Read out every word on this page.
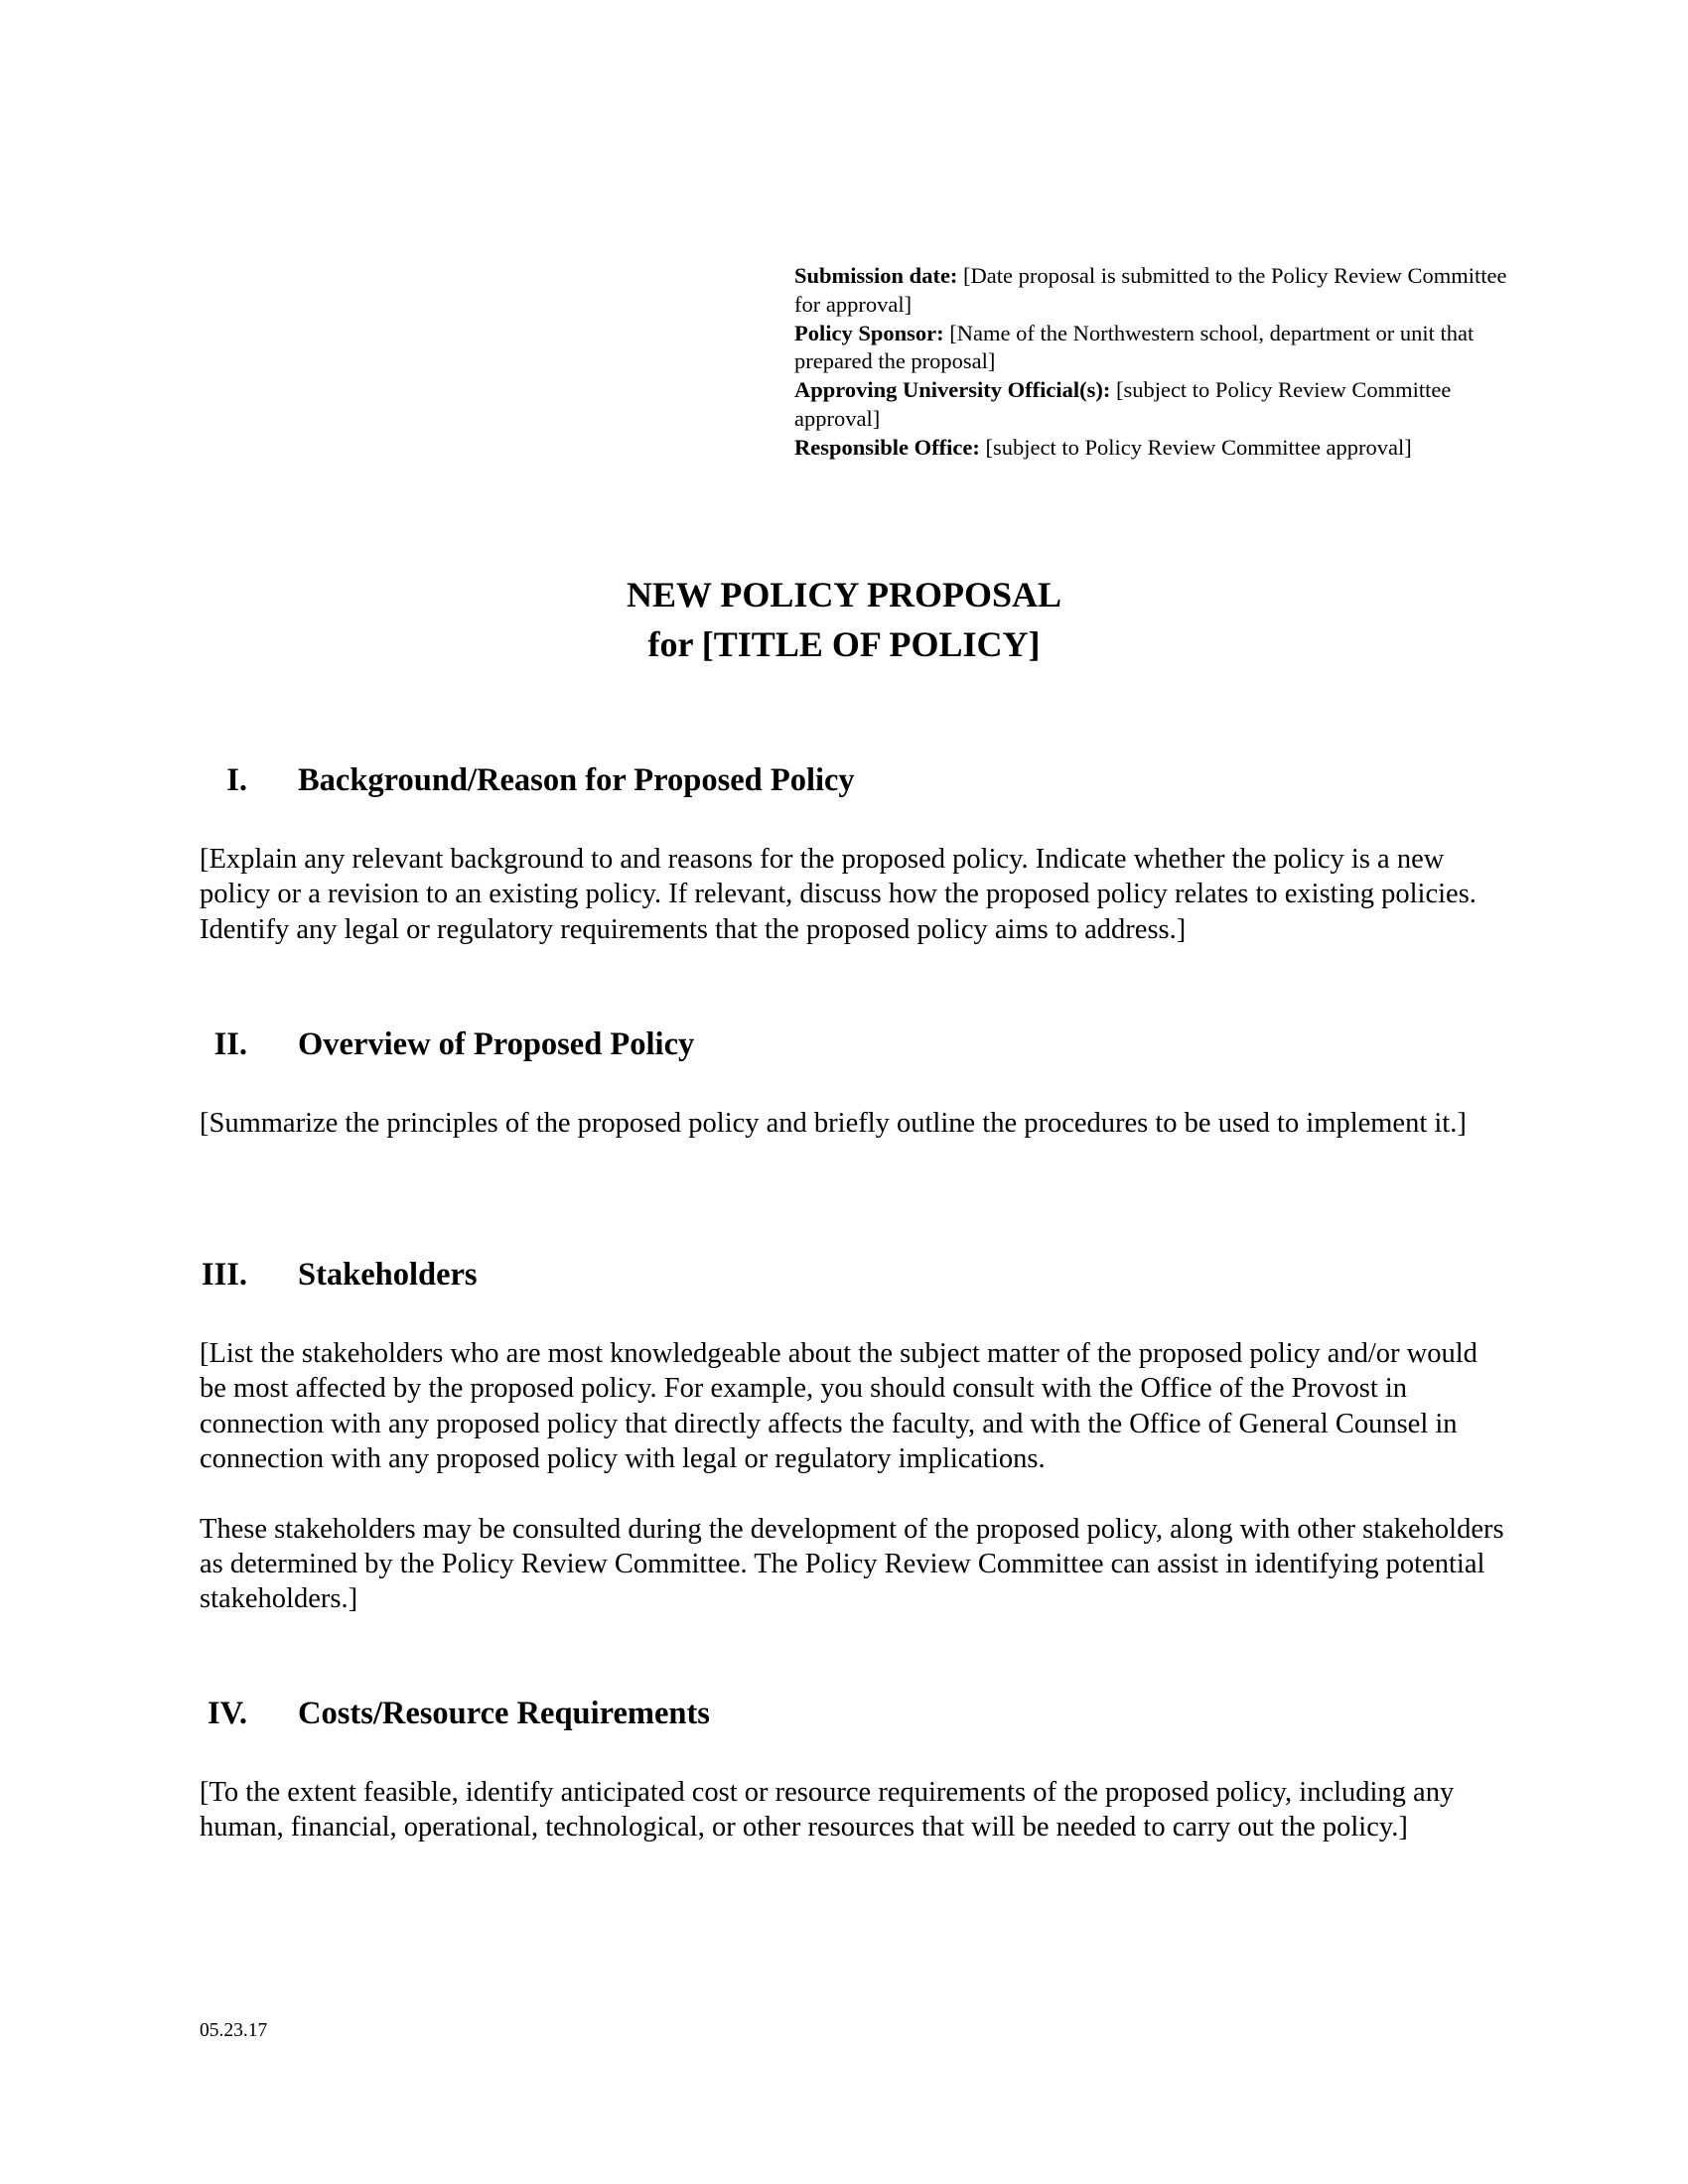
Submission date: [Date proposal is submitted to the Policy Review Committee for approval]
Policy Sponsor: [Name of the Northwestern school, department or unit that prepared the proposal]
Approving University Official(s): [subject to Policy Review Committee approval]
Responsible Office: [subject to Policy Review Committee approval]
NEW POLICY PROPOSAL
for [TITLE OF POLICY]
I. Background/Reason for Proposed Policy

[Explain any relevant background to and reasons for the proposed policy. Indicate whether the policy is a new policy or a revision to an existing policy. If relevant, discuss how the proposed policy relates to existing policies. Identify any legal or regulatory requirements that the proposed policy aims to address.]

II. Overview of Proposed Policy

[Summarize the principles of the proposed policy and briefly outline the procedures to be used to implement it.]

III. Stakeholders

[List the stakeholders who are most knowledgeable about the subject matter of the proposed policy and/or would be most affected by the proposed policy. For example, you should consult with the Office of the Provost in connection with any proposed policy that directly affects the faculty, and with the Office of General Counsel in connection with any proposed policy with legal or regulatory implications.

These stakeholders may be consulted during the development of the proposed policy, along with other stakeholders as determined by the Policy Review Committee. The Policy Review Committee can assist in identifying potential stakeholders.]

IV. Costs/Resource Requirements

[To the extent feasible, identify anticipated cost or resource requirements of the proposed policy, including any human, financial, operational, technological, or other resources that will be needed to carry out the policy.]

05.23.17
